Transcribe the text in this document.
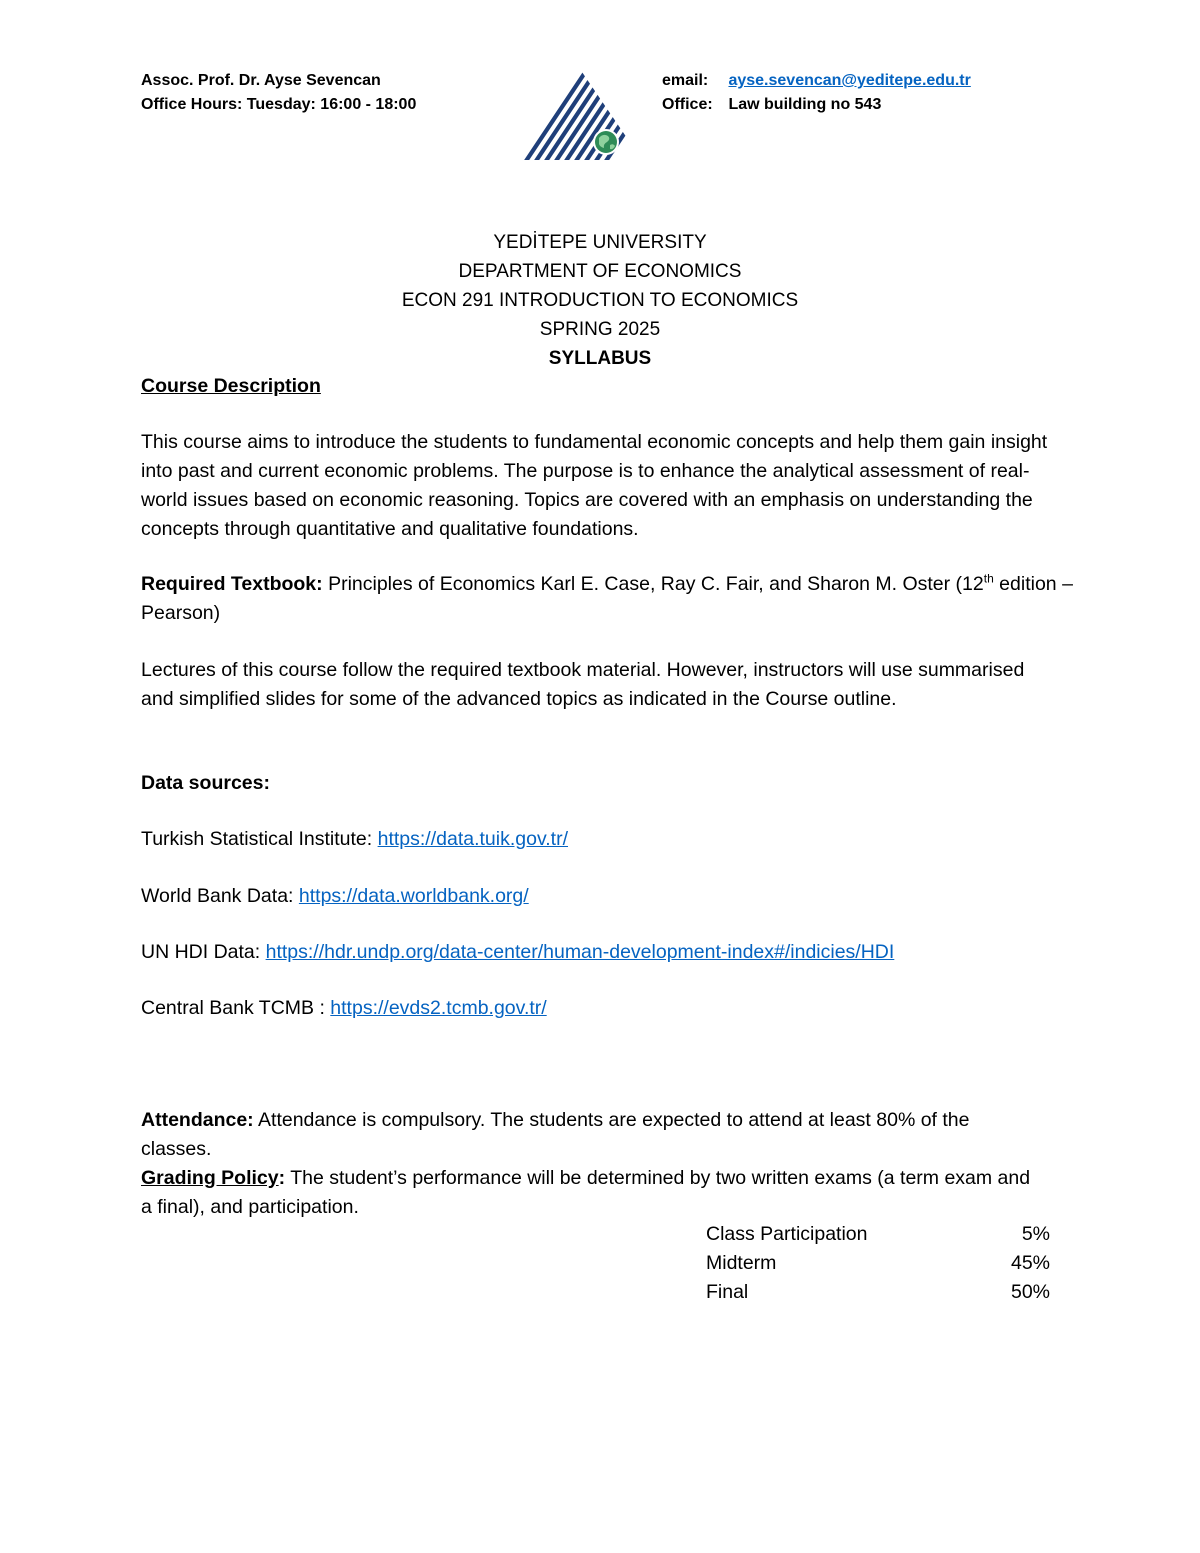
Assoc. Prof. Dr. Ayse Sevencan
Office Hours: Tuesday: 16:00 - 18:00
email: ayse.sevencan@yeditepe.edu.tr
Office: Law building no 543
YEDİTEPE UNIVERSITY
DEPARTMENT OF ECONOMICS
ECON 291 INTRODUCTION TO ECONOMICS
SPRING 2025
SYLLABUS
Course Description

This course aims to introduce the students to fundamental economic concepts and help them gain insight into past and current economic problems. The purpose is to enhance the analytical assessment of real-world issues based on economic reasoning. Topics are covered with an emphasis on understanding the concepts through quantitative and qualitative foundations.

Required Textbook: Principles of Economics Karl E. Case, Ray C. Fair, and Sharon M. Oster (12th edition – Pearson)

Lectures of this course follow the required textbook material. However, instructors will use summarised and simplified slides for some of the advanced topics as indicated in the Course outline.

Data sources:
Turkish Statistical Institute: https://data.tuik.gov.tr/
World Bank Data: https://data.worldbank.org/
UN HDI Data: https://hdr.undp.org/data-center/human-development-index#/indicies/HDI
Central Bank TCMB : https://evds2.tcmb.gov.tr/
Attendance: Attendance is compulsory. The students are expected to attend at least 80% of the classes.
Grading Policy: The student’s performance will be determined by two written exams (a term exam and a final), and participation.
Class Participation	5%
Midterm	45%
Final	50%
